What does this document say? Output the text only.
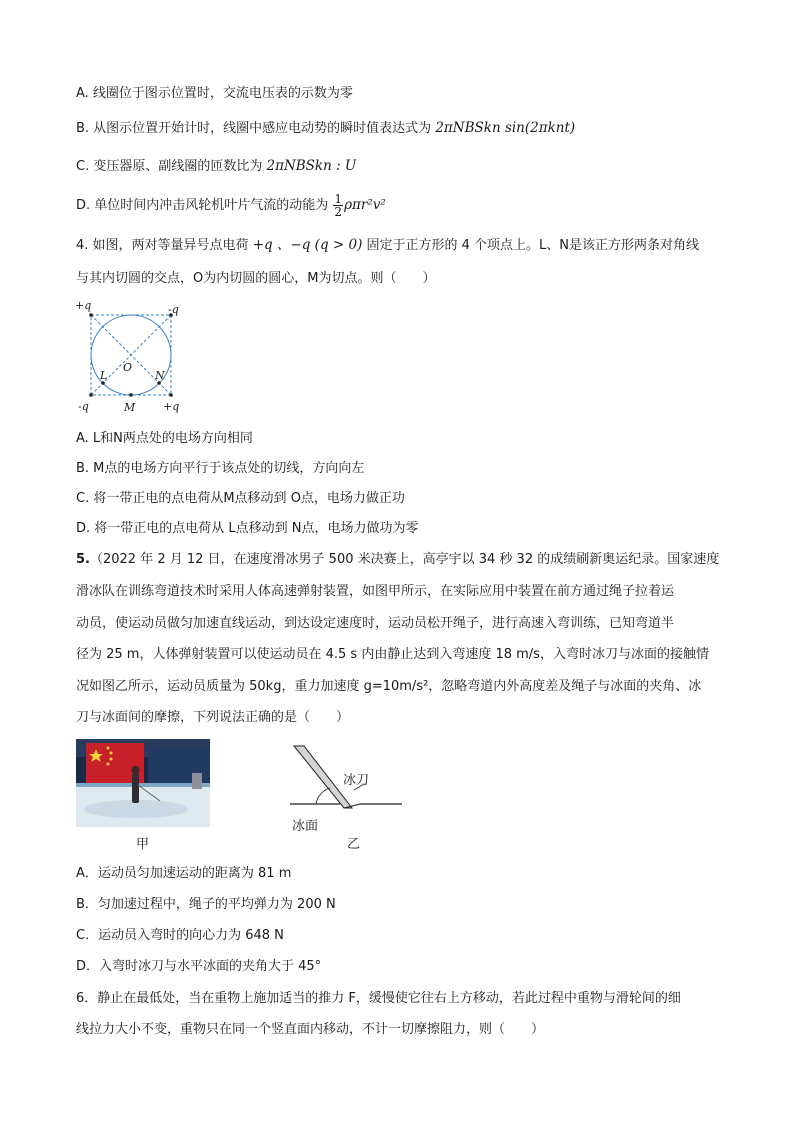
A. 线圈位于图示位置时，交流电压表的示数为零
B. 从图示位置开始计时，线圈中感应电动势的瞬时值表达式为 2πNBSkn sin(2πknt)
C. 变压器原、副线圈的匝数比为 2πNBSkn : U
D. 单位时间内冲击风轮机叶片气流的动能为 $\frac{1}{2} \rho\pi r^2v^2$
4. 如图，两对等量异号点电荷 +q 、−q (q > 0) 固定于正方形的 4 个项点上。L、N是该正方形两条对角线
与其内切圆的交点，O为内切圆的圆心，M为切点。则（　　）
+q	-q
-q	+q
O
L	N
M
A. L和N两点处的电场方向相同
B. M点的电场方向平行于该点处的切线，方向向左
C. 将一带正电的点电荷从M点移动到 O点，电场力做正功
D. 将一带正电的点电荷从 L点移动到 N点，电场力做功为零
5.（2022 年 2 月 12 日，在速度滑冰男子 500 米决赛上，高亭宇以 34 秒 32 的成绩刷新奥运纪录。国家速度
滑冰队在训练弯道技术时采用人体高速弹射装置，如图甲所示，在实际应用中装置在前方通过绳子拉着运
动员，使运动员做匀加速直线运动，到达设定速度时，运动员松开绳子，进行高速入弯训练，已知弯道半
径为 25 m，人体弹射装置可以使运动员在 4.5 s 内由静止达到入弯速度 18 m/s，入弯时冰刀与冰面的接触情
况如图乙所示，运动员质量为 50kg，重力加速度 g=10m/s²，忽略弯道内外高度差及绳子与冰面的夹角、冰
刀与冰面间的摩擦，下列说法正确的是（　　）
甲
冰刀
冰面
乙
A．运动员匀加速运动的距离为 81 m
B．匀加速过程中，绳子的平均弹力为 200 N
C．运动员入弯时的向心力为 648 N
D．入弯时冰刀与水平冰面的夹角大于 45°
6．静止在最低处，当在重物上施加适当的推力 F，缓慢使它往右上方移动，若此过程中重物与滑轮间的细
线拉力大小不变，重物只在同一个竖直面内移动，不计一切摩擦阻力，则（　　）
